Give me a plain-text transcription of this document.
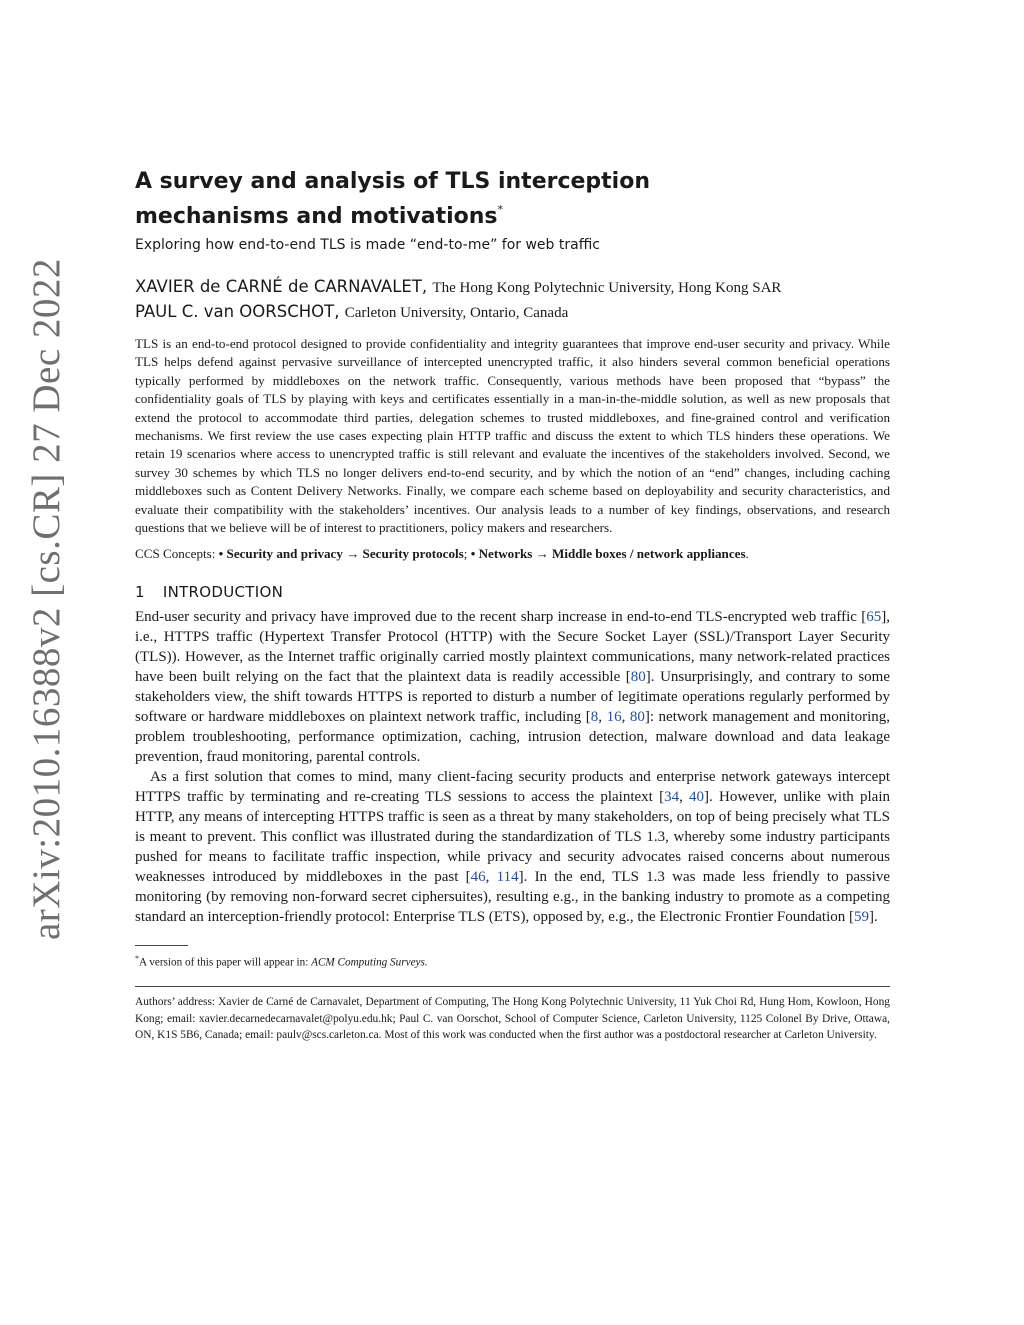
arXiv:2010.16388v2 [cs.CR] 27 Dec 2022
A survey and analysis of TLS interception
mechanisms and motivations*
Exploring how end-to-end TLS is made “end-to-me” for web traffic
XAVIER de CARNÉ de CARNAVALET, The Hong Kong Polytechnic University, Hong Kong SAR
PAUL C. van OORSCHOT, Carleton University, Ontario, Canada
TLS is an end-to-end protocol designed to provide confidentiality and integrity guarantees that improve end-user security and privacy. While TLS helps defend against pervasive surveillance of intercepted unencrypted traffic, it also hinders several common beneficial operations typically performed by middleboxes on the network traffic. Consequently, various methods have been proposed that “bypass” the confidentiality goals of TLS by playing with keys and certificates essentially in a man-in-the-middle solution, as well as new proposals that extend the protocol to accommodate third parties, delegation schemes to trusted middleboxes, and fine-grained control and verification mechanisms. We first review the use cases expecting plain HTTP traffic and discuss the extent to which TLS hinders these operations. We retain 19 scenarios where access to unencrypted traffic is still relevant and evaluate the incentives of the stakeholders involved. Second, we survey 30 schemes by which TLS no longer delivers end-to-end security, and by which the notion of an “end” changes, including caching middleboxes such as Content Delivery Networks. Finally, we compare each scheme based on deployability and security characteristics, and evaluate their compatibility with the stakeholders’ incentives. Our analysis leads to a number of key findings, observations, and research questions that we believe will be of interest to practitioners, policy makers and researchers.
CCS Concepts: • Security and privacy → Security protocols; • Networks → Middle boxes / network appliances.
1 INTRODUCTION

End-user security and privacy have improved due to the recent sharp increase in end-to-end TLS-encrypted web traffic [65], i.e., HTTPS traffic (Hypertext Transfer Protocol (HTTP) with the Secure Socket Layer (SSL)/Transport Layer Security (TLS)). However, as the Internet traffic originally carried mostly plaintext communications, many network-related practices have been built relying on the fact that the plaintext data is readily accessible [80]. Unsurprisingly, and contrary to some stakeholders view, the shift towards HTTPS is reported to disturb a number of legitimate operations regularly performed by software or hardware middleboxes on plaintext network traffic, including [8, 16, 80]: network management and monitoring, problem troubleshooting, performance optimization, caching, intrusion detection, malware download and data leakage prevention, fraud monitoring, parental controls.

As a first solution that comes to mind, many client-facing security products and enterprise network gateways intercept HTTPS traffic by terminating and re-creating TLS sessions to access the plaintext [34, 40]. However, unlike with plain HTTP, any means of intercepting HTTPS traffic is seen as a threat by many stakeholders, on top of being precisely what TLS is meant to prevent. This conflict was illustrated during the standardization of TLS 1.3, whereby some industry participants pushed for means to facilitate traffic inspection, while privacy and security advocates raised concerns about numerous weaknesses introduced by middleboxes in the past [46, 114]. In the end, TLS 1.3 was made less friendly to passive monitoring (by removing non-forward secret ciphersuites), resulting e.g., in the banking industry to promote as a competing standard an interception-friendly protocol: Enterprise TLS (ETS), opposed by, e.g., the Electronic Frontier Foundation [59].

*A version of this paper will appear in: ACM Computing Surveys.
Authors’ address: Xavier de Carné de Carnavalet, Department of Computing, The Hong Kong Polytechnic University, 11 Yuk Choi Rd, Hung Hom, Kowloon, Hong Kong; email: xavier.decarnedecarnavalet@polyu.edu.hk; Paul C. van Oorschot, School of Computer Science, Carleton University, 1125 Colonel By Drive, Ottawa, ON, K1S 5B6, Canada; email: paulv@scs.carleton.ca. Most of this work was conducted when the first author was a postdoctoral researcher at Carleton University.
